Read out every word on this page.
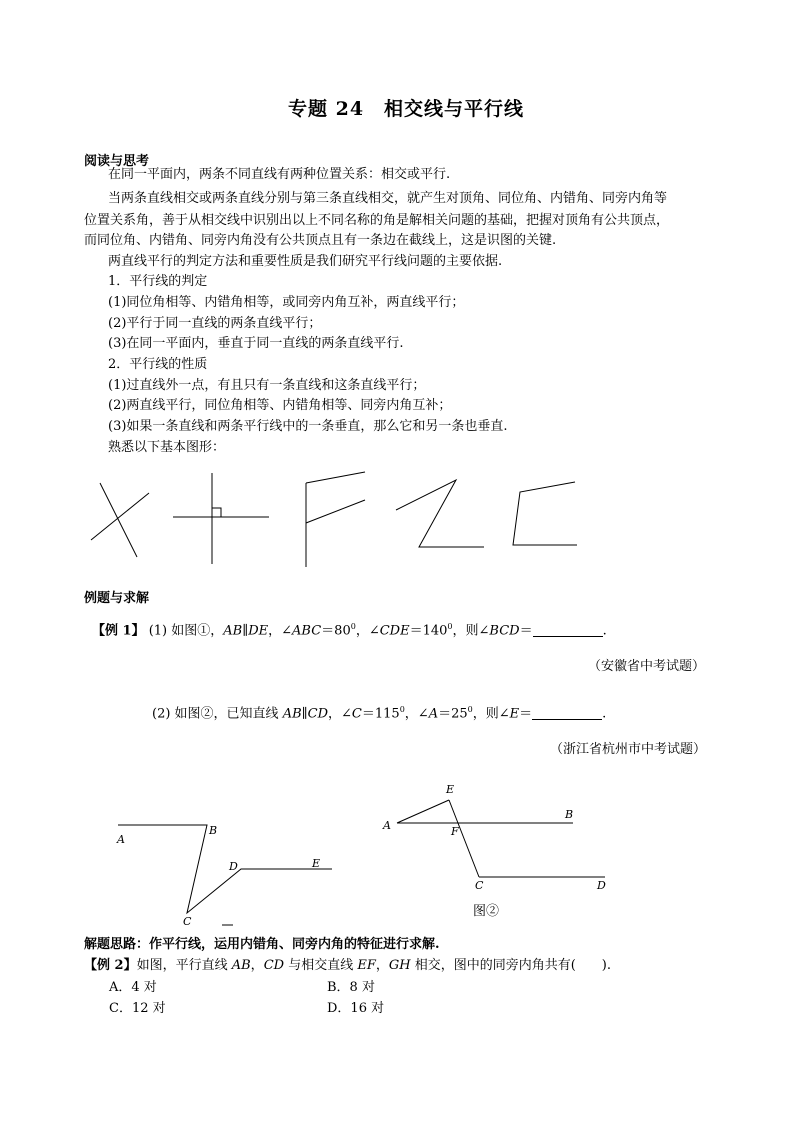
专题 24　相交线与平行线
阅读与思考
在同一平面内，两条不同直线有两种位置关系：相交或平行.
当两条直线相交或两条直线分别与第三条直线相交，就产生对顶角、同位角、内错角、同旁内角等
位置关系角，善于从相交线中识别出以上不同名称的角是解相关问题的基础，把握对顶角有公共顶点，
而同位角、内错角、同旁内角没有公共顶点且有一条边在截线上，这是识图的关键.
两直线平行的判定方法和重要性质是我们研究平行线问题的主要依据.
1．平行线的判定
(1)同位角相等、内错角相等，或同旁内角互补，两直线平行；
(2)平行于同一直线的两条直线平行；
(3)在同一平面内，垂直于同一直线的两条直线平行.
2．平行线的性质
(1)过直线外一点，有且只有一条直线和这条直线平行；
(2)两直线平行，同位角相等、内错角相等、同旁内角互补；
(3)如果一条直线和两条平行线中的一条垂直，那么它和另一条也垂直.
熟悉以下基本图形：
例题与求解
【例 1】 (1) 如图①，AB∥DE，$\angle ABC=80^0$，$\angle CDE=140^0$，则∠BCD＝	.
（安徽省中考试题）
(2) 如图②，已知直线 AB∥CD，$\angle C=115^0$，$\angle A=25^0$，则∠E＝	.
（浙江省杭州市中考试题）
A
B
C
D	E
A
B
C	D
E
F
图②
解题思路：作平行线，运用内错角、同旁内角的特征进行求解.
【例 2】如图，平行直线 AB，CD 与相交直线 EF，GH 相交，图中的同旁内角共有(　　).
A．4 对	B．8 对
C．12 对	D．16 对
